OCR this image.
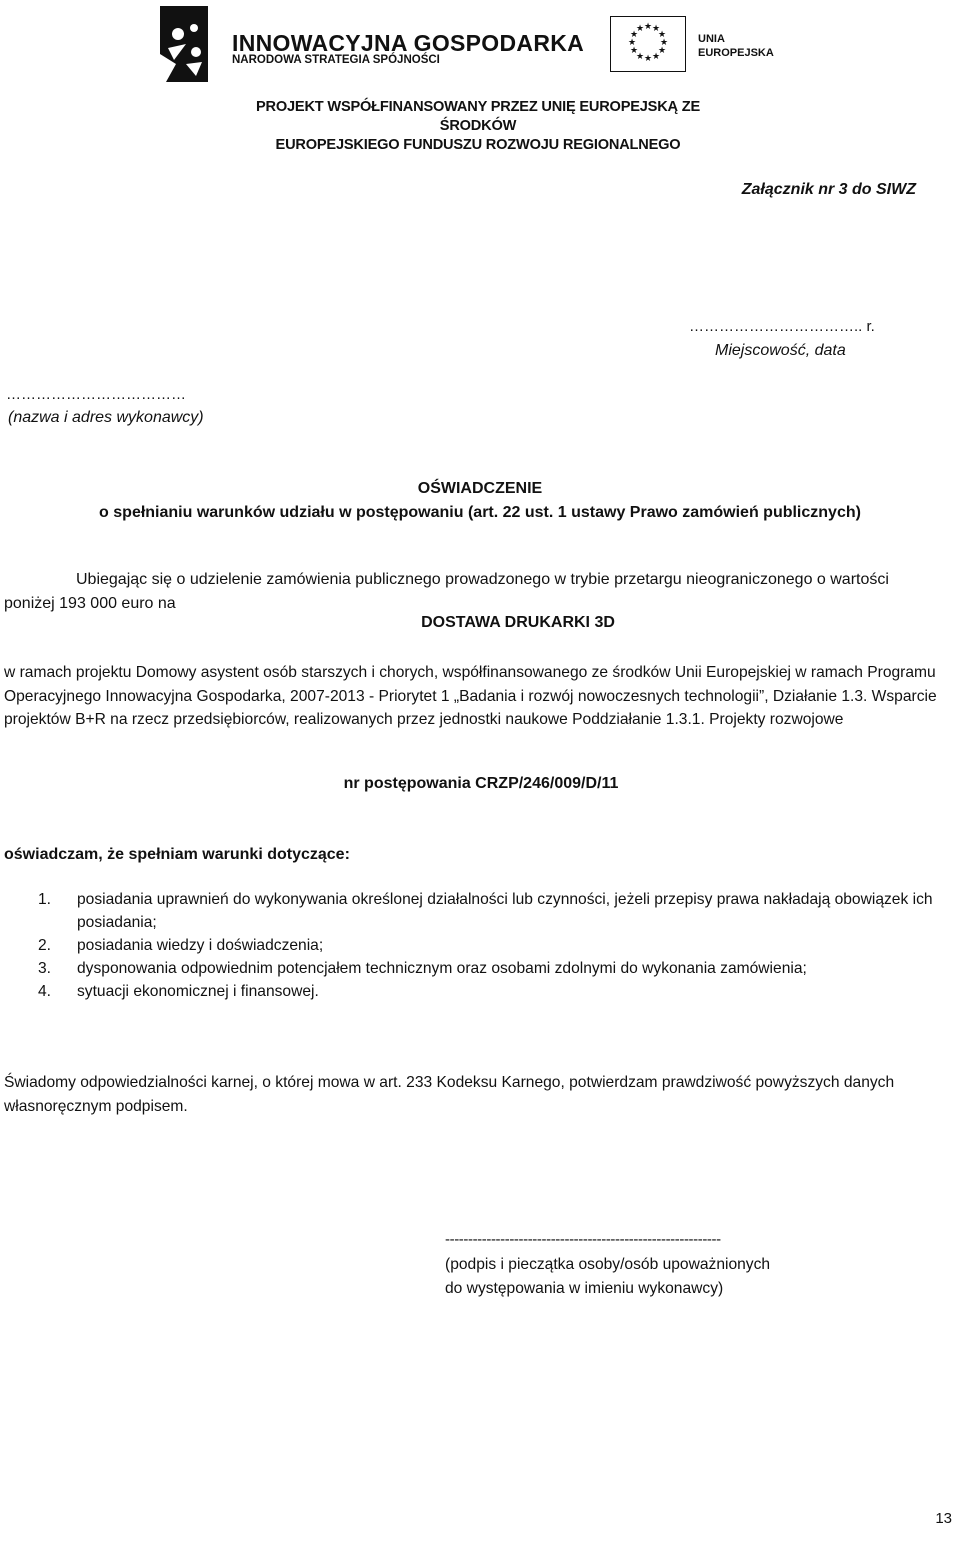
INNOWACYJNA GOSPODARKA
NARODOWA STRATEGIA SPÓJNOŚCI
★ ★
★
★
★
★
★
★
★
★
★
★
UNIA
EUROPEJSKA
PROJEKT WSPÓŁFINANSOWANY PRZEZ UNIĘ EUROPEJSKĄ ZE ŚRODKÓW
EUROPEJSKIEGO FUNDUSZU ROZWOJU REGIONALNEGO
Załącznik nr 3 do SIWZ
…………………………….. r.
Miejscowość, data
………………………………
(nazwa i adres wykonawcy)
OŚWIADCZENIE
o spełnianiu warunków udziału w postępowaniu (art. 22 ust. 1 ustawy Prawo zamówień publicznych)
Ubiegając się o udzielenie zamówienia publicznego prowadzonego w trybie przetargu nieograniczonego o wartości
poniżej 193 000 euro na
DOSTAWA DRUKARKI 3D
w ramach projektu Domowy asystent osób starszych i chorych, współfinansowanego ze środków Unii Europejskiej w ramach Programu Operacyjnego Innowacyjna Gospodarka, 2007-2013 - Priorytet 1 „Badania i rozwój nowoczesnych technologii”, Działanie 1.3. Wsparcie projektów B+R na rzecz przedsiębiorców, realizowanych przez jednostki naukowe Poddziałanie 1.3.1. Projekty rozwojowe
nr postępowania CRZP/246/009/D/11
oświadczam, że spełniam warunki dotyczące:
1. posiadania uprawnień do wykonywania określonej działalności lub czynności, jeżeli przepisy prawa nakładają obowiązek ich posiadania;
2. posiadania wiedzy i doświadczenia;
3. dysponowania odpowiednim potencjałem technicznym oraz osobami zdolnymi do wykonania zamówienia;
4. sytuacji ekonomicznej i finansowej.
Świadomy odpowiedzialności karnej, o której mowa w art. 233 Kodeksu Karnego, potwierdzam prawdziwość powyższych danych własnoręcznym podpisem.
------------------------------------------------------------
(podpis i pieczątka osoby/osób upoważnionych
do występowania w imieniu wykonawcy)
13
